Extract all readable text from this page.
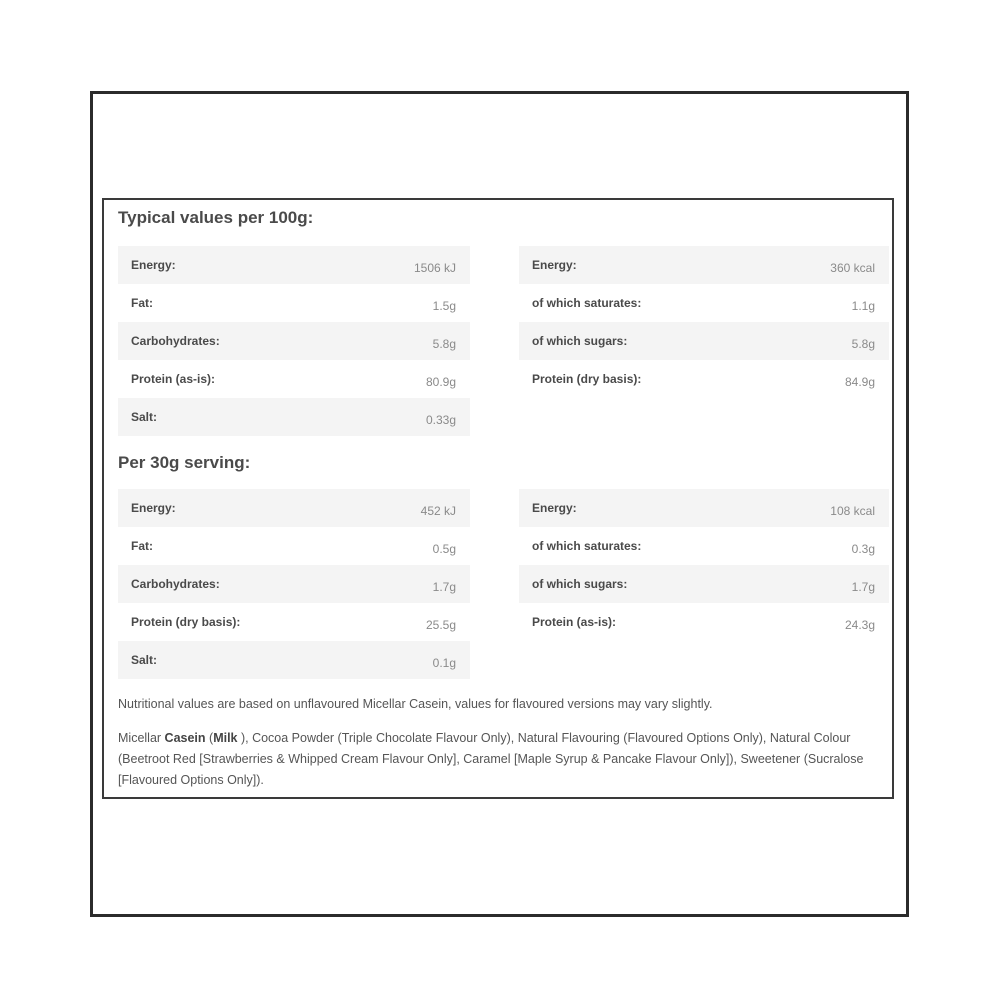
Typical values per 100g:
Energy:	1506 kJ
Fat:	1.5g
Carbohydrates:	5.8g
Protein (as-is):	80.9g
Salt:	0.33g
Energy:	360 kcal
of which saturates:	1.1g
of which sugars:	5.8g
Protein (dry basis):	84.9g
Per 30g serving:
Energy:	452 kJ
Fat:	0.5g
Carbohydrates:	1.7g
Protein (dry basis):	25.5g
Salt:	0.1g
Energy:	108 kcal
of which saturates:	0.3g
of which sugars:	1.7g
Protein (as-is):	24.3g

Nutritional values are based on unflavoured Micellar Casein, values for flavoured versions may vary slightly.

Micellar Casein (Milk ), Cocoa Powder (Triple Chocolate Flavour Only), Natural Flavouring (Flavoured Options Only), Natural Colour (Beetroot Red [Strawberries & Whipped Cream Flavour Only], Caramel [Maple Syrup & Pancake Flavour Only]), Sweetener (Sucralose [Flavoured Options Only]).
